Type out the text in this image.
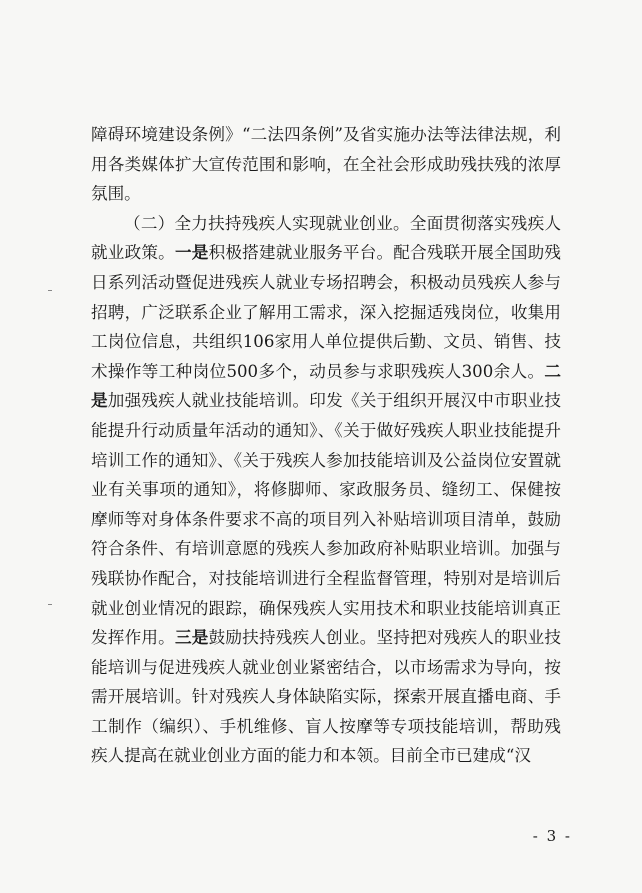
障碍环境建设条例》“二法四条例”及省实施办法等法律法规，利用各类媒体扩大宣传范围和影响，在全社会形成助残扶残的浓厚氛围。

（二）全力扶持残疾人实现就业创业。全面贯彻落实残疾人就业政策。一是积极搭建就业服务平台。配合残联开展全国助残日系列活动暨促进残疾人就业专场招聘会，积极动员残疾人参与招聘，广泛联系企业了解用工需求，深入挖掘适残岗位，收集用工岗位信息，共组织106家用人单位提供后勤、文员、销售、技术操作等工种岗位500多个，动员参与求职残疾人300余人。二是加强残疾人就业技能培训。印发《关于组织开展汉中市职业技能提升行动质量年活动的通知》、《关于做好残疾人职业技能提升培训工作的通知》、《关于残疾人参加技能培训及公益岗位安置就业有关事项的通知》，将修脚师、家政服务员、缝纫工、保健按摩师等对身体条件要求不高的项目列入补贴培训项目清单，鼓励符合条件、有培训意愿的残疾人参加政府补贴职业培训。加强与残联协作配合，对技能培训进行全程监督管理，特别对是培训后就业创业情况的跟踪，确保残疾人实用技术和职业技能培训真正发挥作用。三是鼓励扶持残疾人创业。坚持把对残疾人的职业技能培训与促进残疾人就业创业紧密结合，以市场需求为导向，按需开展培训。针对残疾人身体缺陷实际，探索开展直播电商、手工制作（编织）、手机维修、盲人按摩等专项技能培训，帮助残疾人提高在就业创业方面的能力和本领。目前全市已建成“汉

- 3 -
